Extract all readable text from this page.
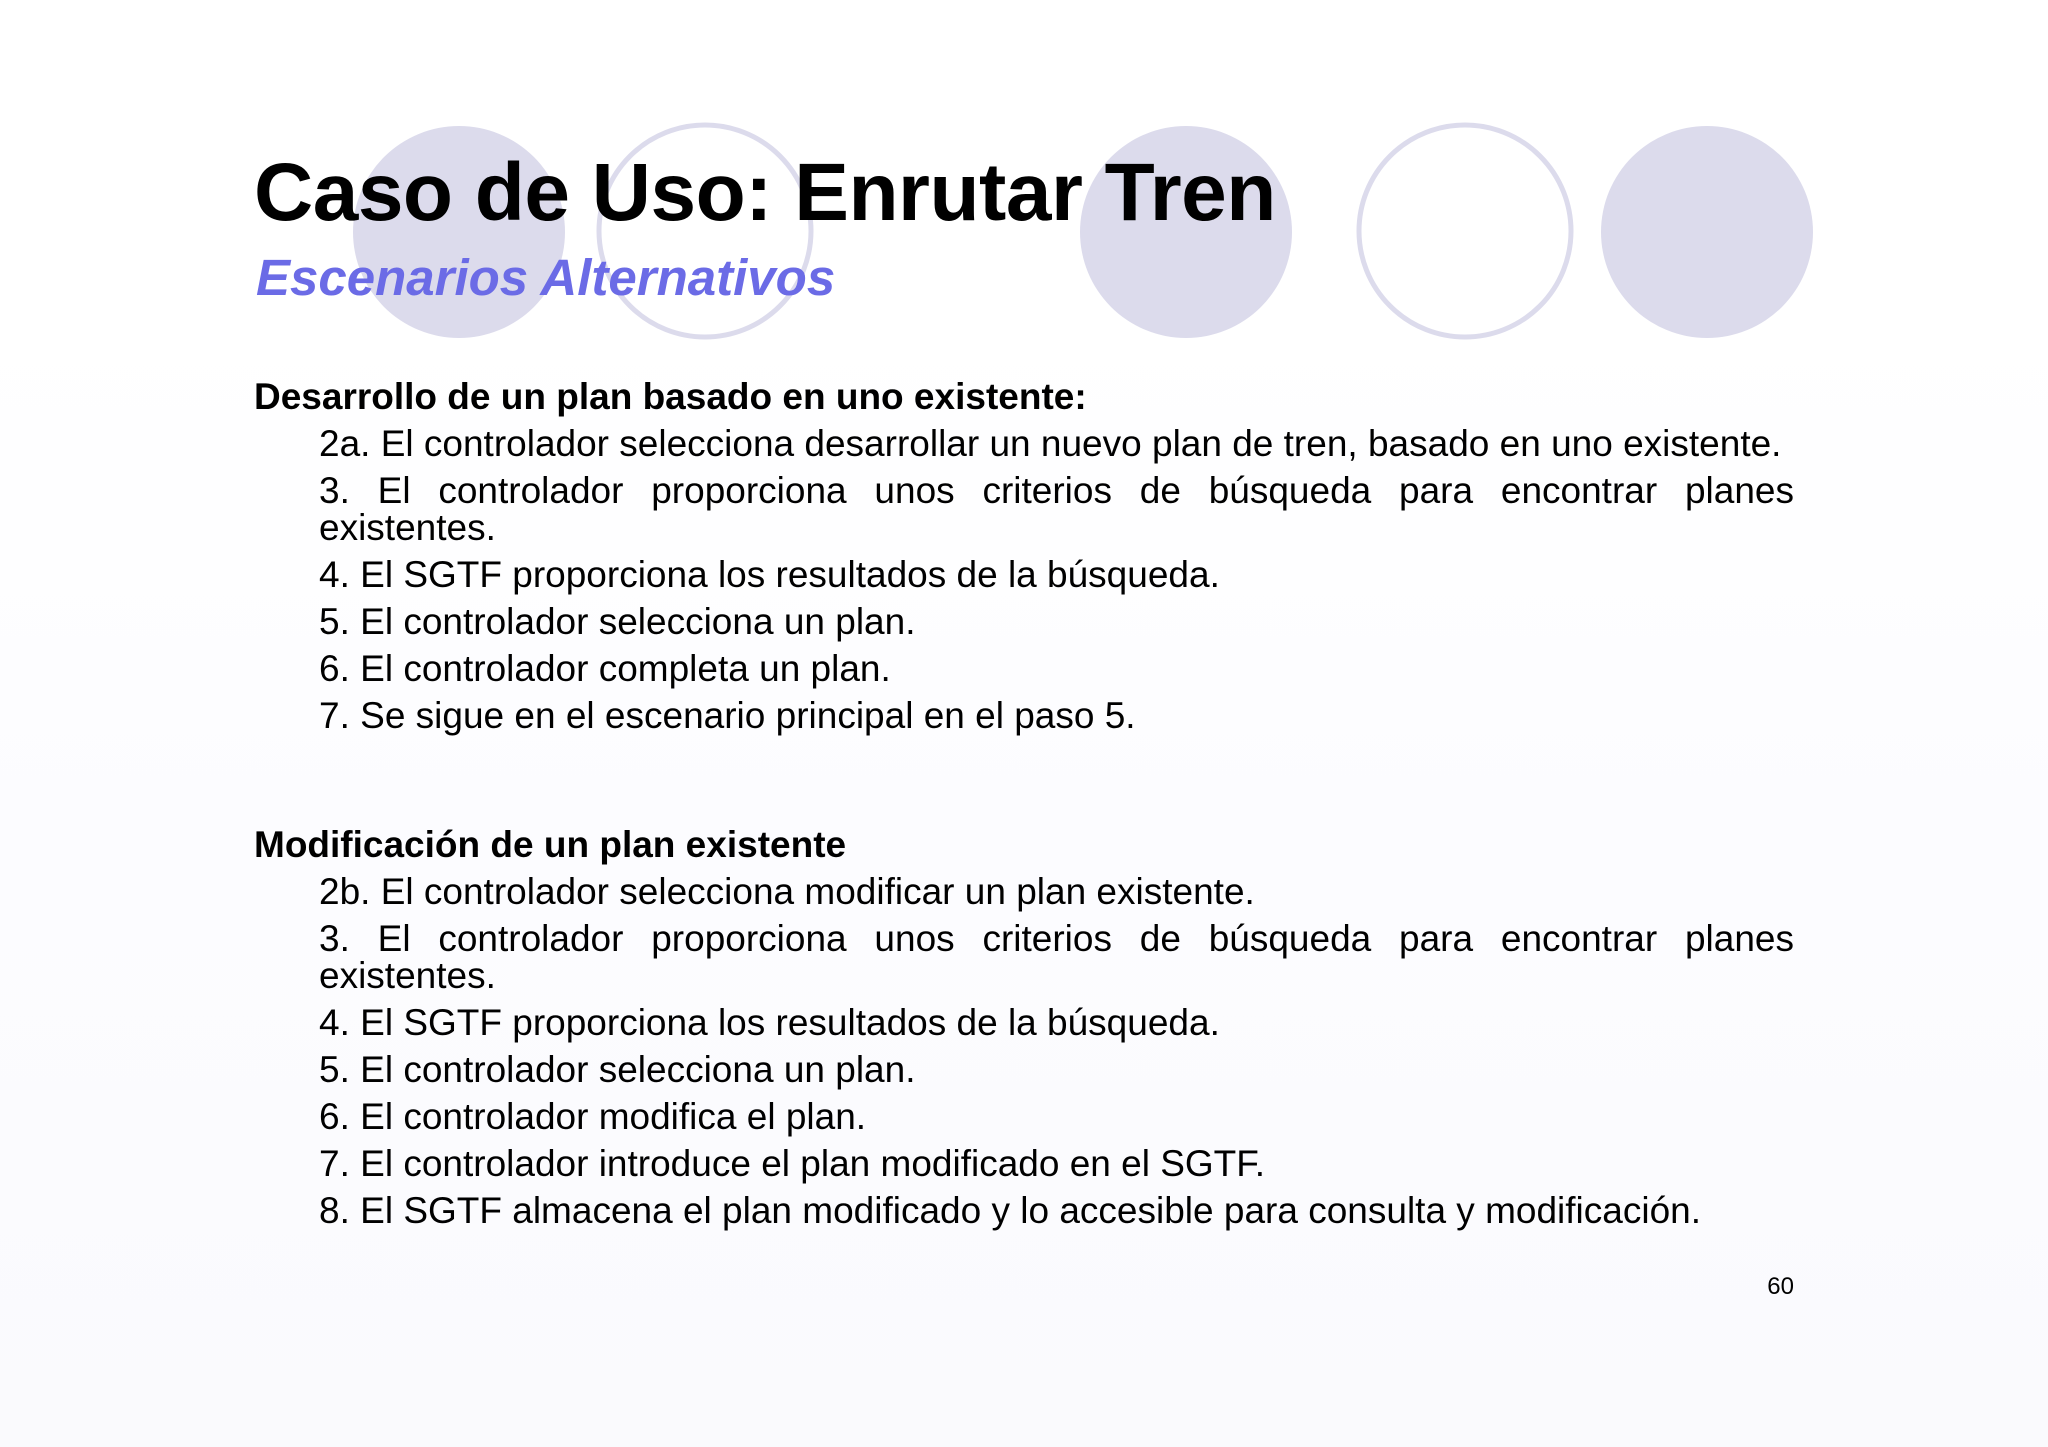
Caso de Uso: Enrutar Tren
Escenarios Alternativos
Desarrollo de un plan basado en uno existente:
2a. El controlador selecciona desarrollar un nuevo plan de tren, basado en uno existente.
3. El controlador proporciona unos criterios de búsqueda para encontrar planes existentes.
4. El SGTF proporciona los resultados de la búsqueda.
5. El controlador selecciona un plan.
6. El controlador completa un plan.
7. Se sigue en el escenario principal en el paso 5.
Modificación de un plan existente
2b. El controlador selecciona modificar un plan existente.
3. El controlador proporciona unos criterios de búsqueda para encontrar planes existentes.
4. El SGTF proporciona los resultados de la búsqueda.
5. El controlador selecciona un plan.
6. El controlador modifica el plan.
7. El controlador introduce el plan modificado en el SGTF.
8. El SGTF almacena el plan modificado y lo accesible para consulta y modificación.
60
